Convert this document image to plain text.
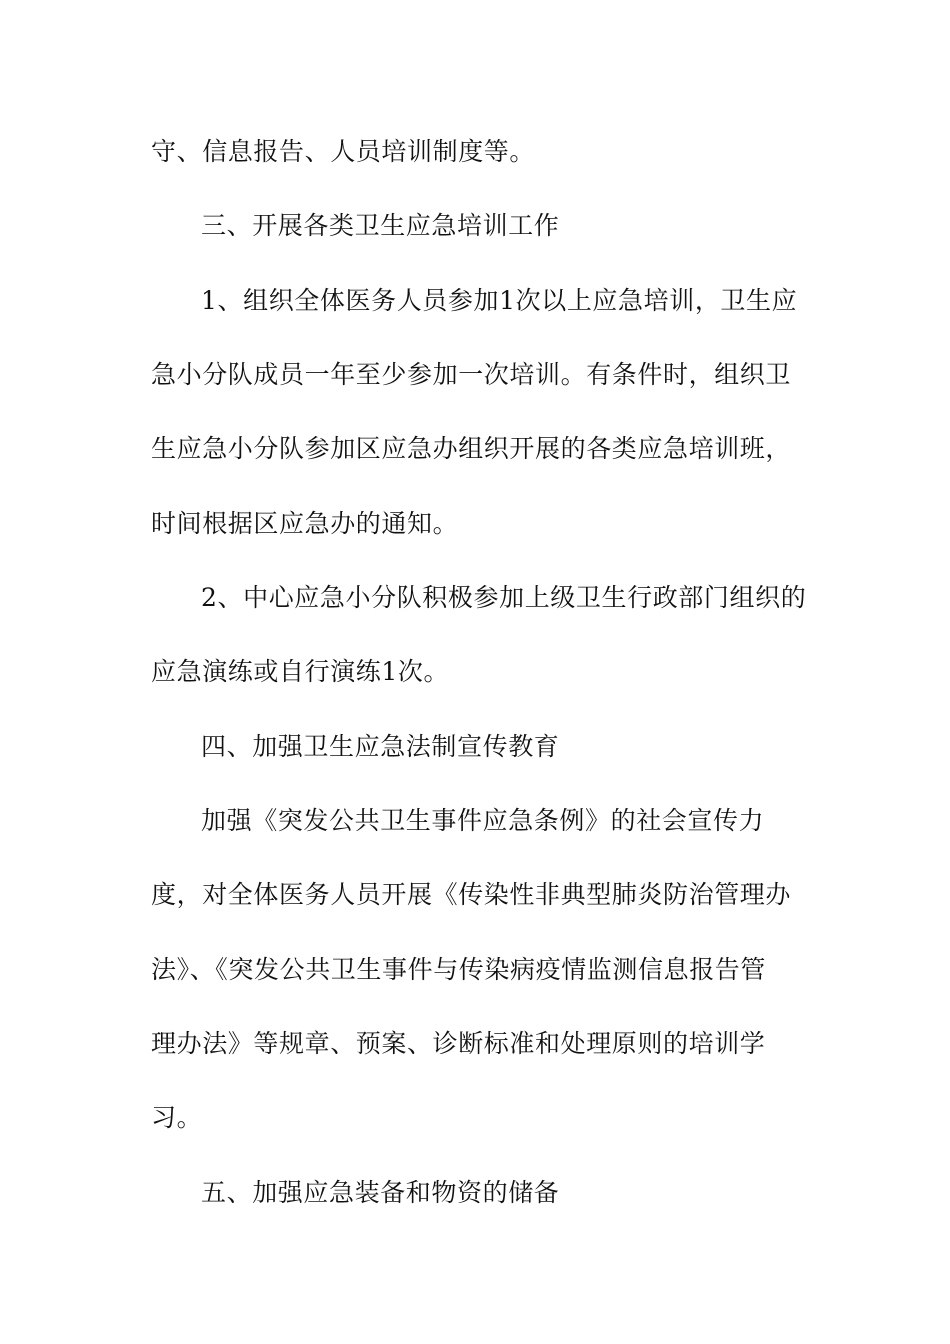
守、信息报告、人员培训制度等。

三、开展各类卫生应急培训工作

1、组织全体医务人员参加1次以上应急培训，卫生应

急小分队成员一年至少参加一次培训。有条件时，组织卫

生应急小分队参加区应急办组织开展的各类应急培训班，

时间根据区应急办的通知。

2、中心应急小分队积极参加上级卫生行政部门组织的

应急演练或自行演练1次。

四、加强卫生应急法制宣传教育

加强《突发公共卫生事件应急条例》的社会宣传力

度，对全体医务人员开展《传染性非典型肺炎防治管理办

法》、《突发公共卫生事件与传染病疫情监测信息报告管

理办法》等规章、预案、诊断标准和处理原则的培训学

习。

五、加强应急装备和物资的储备
